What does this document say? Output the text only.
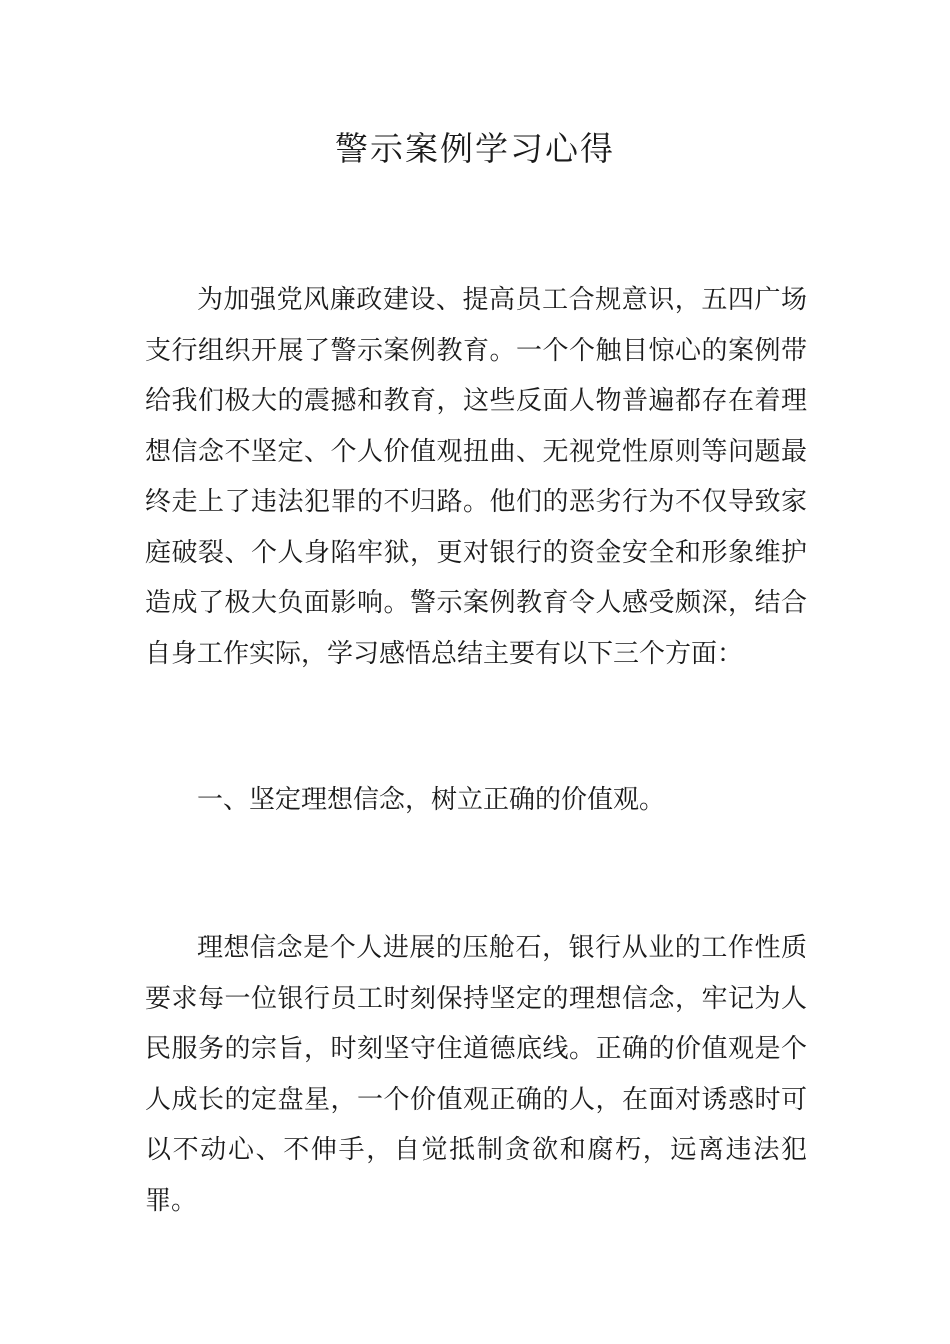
警示案例学习心得

为加强党风廉政建设、提高员工合规意识，五四广场支行组织开展了警示案例教育。一个个触目惊心的案例带给我们极大的震撼和教育，这些反面人物普遍都存在着理想信念不坚定、个人价值观扭曲、无视党性原则等问题最终走上了违法犯罪的不归路。他们的恶劣行为不仅导致家庭破裂、个人身陷牢狱，更对银行的资金安全和形象维护造成了极大负面影响。警示案例教育令人感受颇深，结合自身工作实际，学习感悟总结主要有以下三个方面：

一、坚定理想信念，树立正确的价值观。

理想信念是个人进展的压舱石，银行从业的工作性质要求每一位银行员工时刻保持坚定的理想信念，牢记为人民服务的宗旨，时刻坚守住道德底线。正确的价值观是个人成长的定盘星，一个价值观正确的人，在面对诱惑时可以不动心、不伸手，自觉抵制贪欲和腐朽，远离违法犯罪。
